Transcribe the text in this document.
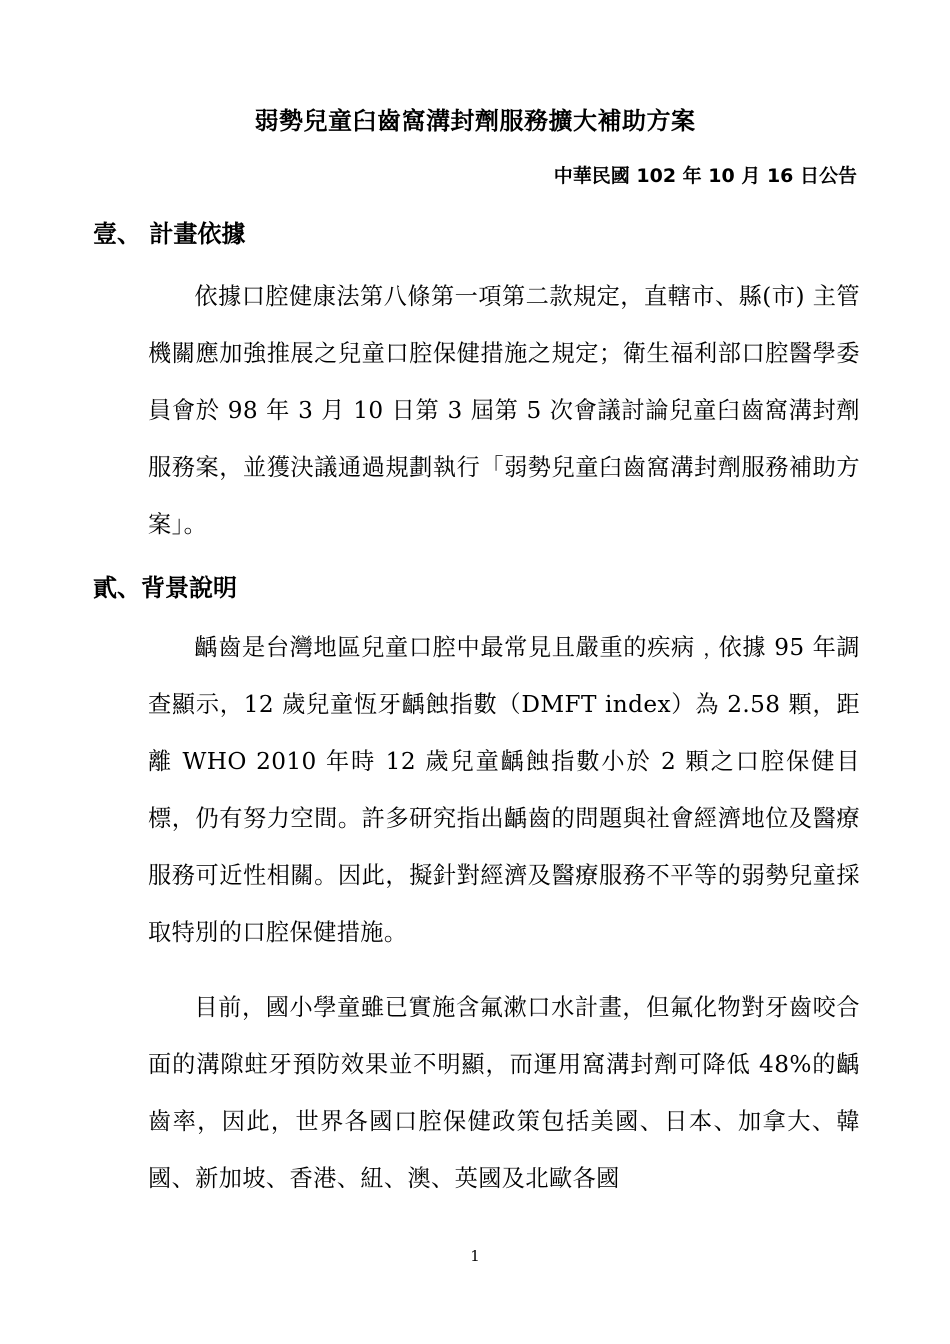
弱勢兒童臼齒窩溝封劑服務擴大補助方案
中華民國 102 年 10 月 16 日公告
壹、 計畫依據

依據口腔健康法第八條第一項第二款規定，直轄市、縣(市) 主管機關應加強推展之兒童口腔保健措施之規定；衛生福利部口腔醫學委員會於 98 年 3 月 10 日第 3 屆第 5 次會議討論兒童臼齒窩溝封劑服務案，並獲決議通過規劃執行「弱勢兒童臼齒窩溝封劑服務補助方案」。

貳、背景說明

齲齒是台灣地區兒童口腔中最常見且嚴重的疾病﹐依據 95 年調查顯示，12 歲兒童恆牙齲蝕指數（DMFT index）為 2.58 顆，距離 WHO 2010 年時 12 歲兒童齲蝕指數小於 2 顆之口腔保健目標，仍有努力空間。許多研究指出齲齒的問題與社會經濟地位及醫療服務可近性相關。因此，擬針對經濟及醫療服務不平等的弱勢兒童採取特別的口腔保健措施。

目前，國小學童雖已實施含氟漱口水計畫，但氟化物對牙齒咬合面的溝隙蛀牙預防效果並不明顯，而運用窩溝封劑可降低 48%的齲齒率，因此，世界各國口腔保健政策包括美國、日本、加拿大、韓國、新加坡、香港、紐、澳、英國及北歐各國

1
